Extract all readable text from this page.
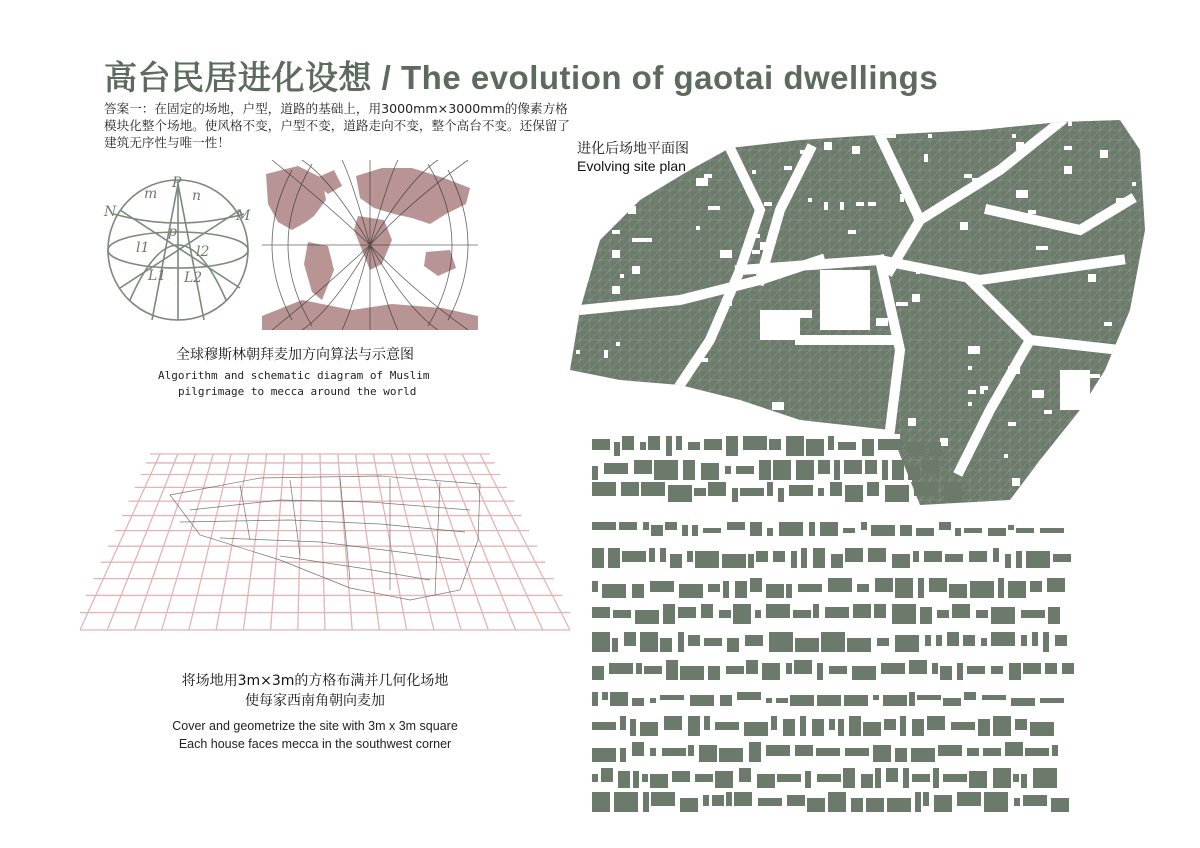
高台民居进化设想 / The evolution of gaotai dwellings
答案一：在固定的场地，户型，道路的基础上，用3000mm×3000mm的像素方格模块化整个场地。使风格不变，户型不变，道路走向不变，整个高台不变。还保留了建筑无序性与唯一性！
P
m n
N	M
p
l1	l2
L1 L2
全球穆斯林朝拜麦加方向算法与示意图
Algorithm and schematic diagram of Muslim
pilgrimage to mecca around the world
将场地用3m×3m的方格布满并几何化场地
使每家西南角朝向麦加
Cover and geometrize the site with 3m x 3m square
Each house faces mecca in the southwest corner
进化后场地平面图
Evolving site plan
